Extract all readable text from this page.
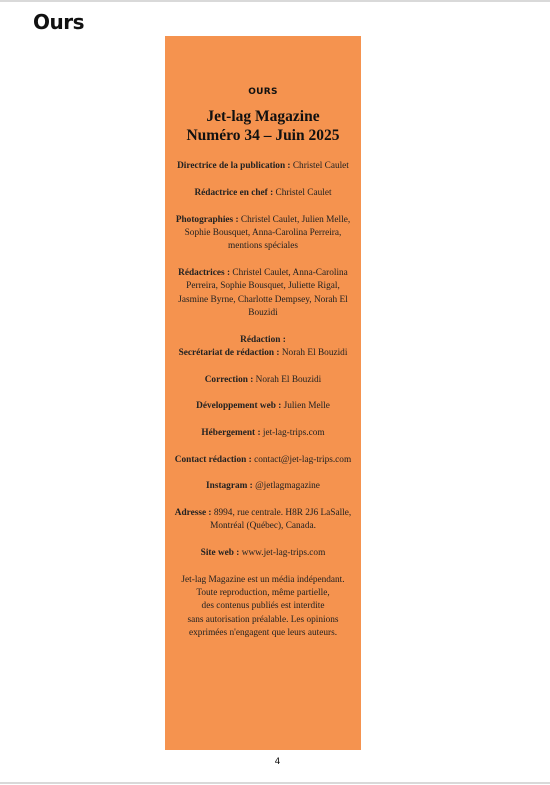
Ours
OURS
Jet-lag Magazine
Numéro 34 – Juin 2025
Directrice de la publication : Christel Caulet
Rédactrice en chef : Christel Caulet
Photographies : Christel Caulet, Julien Melle, Sophie Bousquet, Anna-Carolina Perreira, mentions spéciales
Rédactrices : Christel Caulet, Anna-Carolina Perreira, Sophie Bousquet, Juliette Rigal, Jasmine Byrne, Charlotte Dempsey, Norah El Bouzidi
Rédaction :
Secrétariat de rédaction : Norah El Bouzidi
Correction : Norah El Bouzidi
Développement web : Julien Melle
Hébergement : jet-lag-trips.com
Contact rédaction : contact@jet-lag-trips.com
Instagram : @jetlagmagazine
Adresse : 8994, rue centrale. H8R 2J6 LaSalle, Montréal (Québec), Canada.
Site web : www.jet-lag-trips.com
Jet-lag Magazine est un média indépendant.
Toute reproduction, même partielle,
des contenus publiés est interdite
sans autorisation préalable. Les opinions
exprimées n'engagent que leurs auteurs.
4
